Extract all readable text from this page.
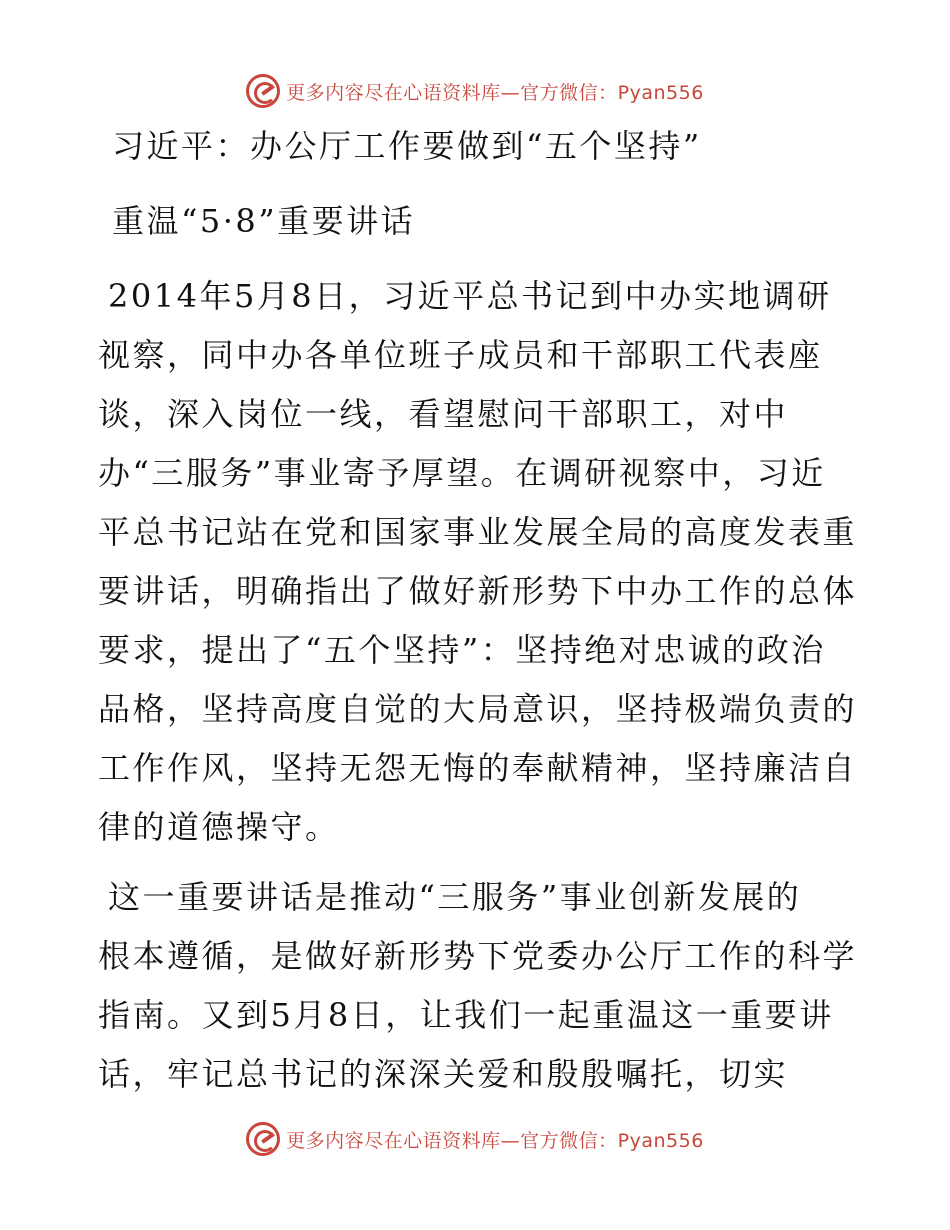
更多内容尽在心语资料库—官方微信：Pyan556
习近平：办公厅工作要做到“五个坚持”
重温“5·8”重要讲话
2014年5月8日，习近平总书记到中办实地调研
视察，同中办各单位班子成员和干部职工代表座
谈，深入岗位一线，看望慰问干部职工，对中
办“三服务”事业寄予厚望。在调研视察中，习近
平总书记站在党和国家事业发展全局的高度发表重
要讲话，明确指出了做好新形势下中办工作的总体
要求，提出了“五个坚持”：坚持绝对忠诚的政治
品格，坚持高度自觉的大局意识，坚持极端负责的
工作作风，坚持无怨无悔的奉献精神，坚持廉洁自
律的道德操守。
这一重要讲话是推动“三服务”事业创新发展的
根本遵循，是做好新形势下党委办公厅工作的科学
指南。又到5月8日，让我们一起重温这一重要讲
话，牢记总书记的深深关爱和殷殷嘱托，切实
更多内容尽在心语资料库—官方微信：Pyan556
